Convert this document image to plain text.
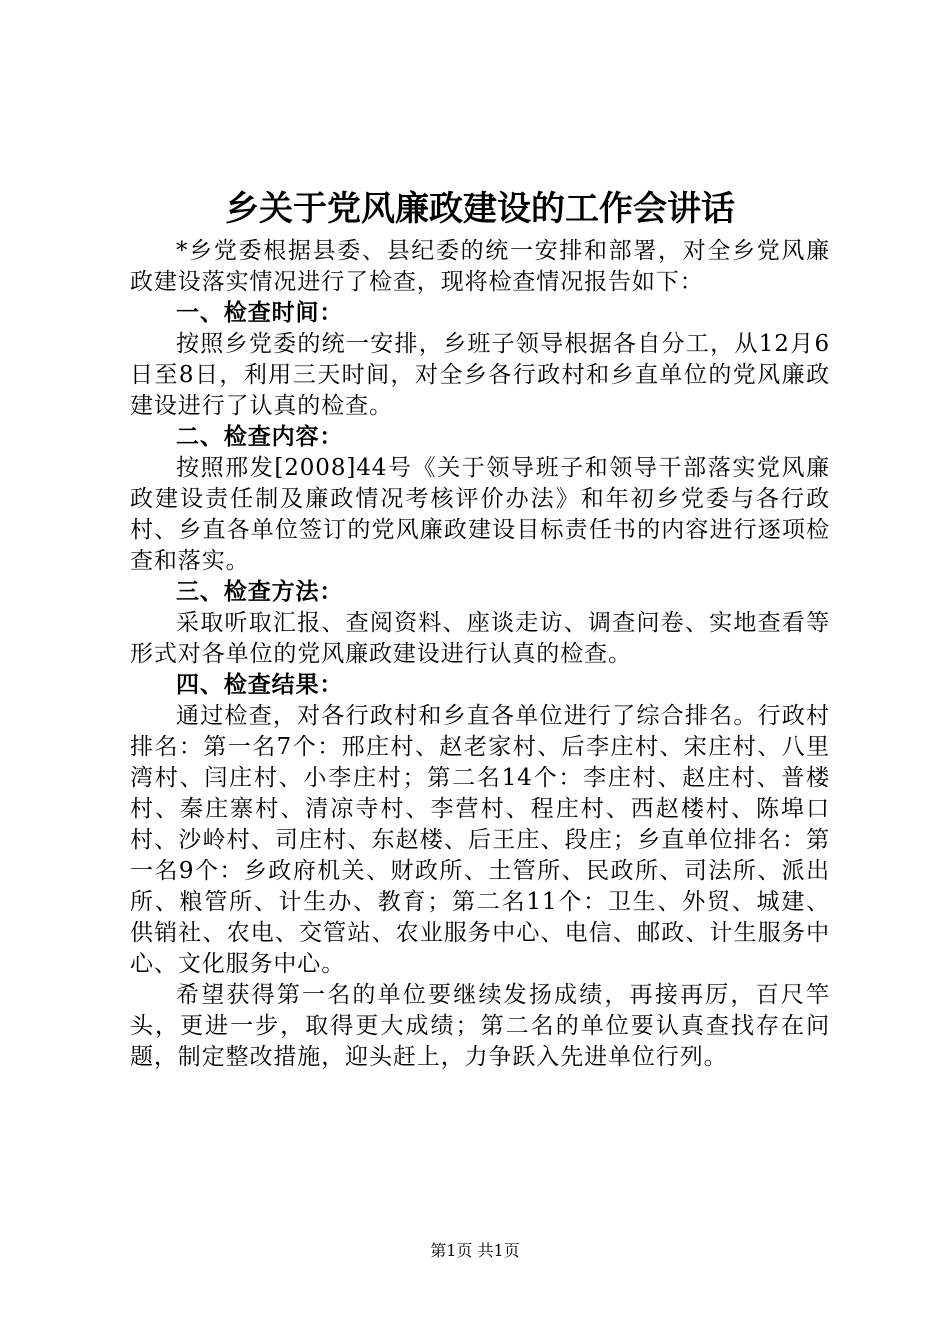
乡关于党风廉政建设的工作会讲话

*乡党委根据县委、县纪委的统一安排和部署，对全乡党风廉政建设落实情况进行了检查，现将检查情况报告如下：

一、检查时间：

按照乡党委的统一安排，乡班子领导根据各自分工，从12月6日至8日，利用三天时间，对全乡各行政村和乡直单位的党风廉政建设进行了认真的检查。

二、检查内容：

按照邢发[2008]44号《关于领导班子和领导干部落实党风廉政建设责任制及廉政情况考核评价办法》和年初乡党委与各行政村、乡直各单位签订的党风廉政建设目标责任书的内容进行逐项检查和落实。

三、检查方法：

采取听取汇报、查阅资料、座谈走访、调查问卷、实地查看等形式对各单位的党风廉政建设进行认真的检查。

四、检查结果：

通过检查，对各行政村和乡直各单位进行了综合排名。行政村排名：第一名7个：邢庄村、赵老家村、后李庄村、宋庄村、八里湾村、闫庄村、小李庄村；第二名14个：李庄村、赵庄村、普楼村、秦庄寨村、清凉寺村、李营村、程庄村、西赵楼村、陈埠口村、沙岭村、司庄村、东赵楼、后王庄、段庄；乡直单位排名：第一名9个：乡政府机关、财政所、土管所、民政所、司法所、派出所、粮管所、计生办、教育；第二名11个：卫生、外贸、城建、供销社、农电、交管站、农业服务中心、电信、邮政、计生服务中心、文化服务中心。

希望获得第一名的单位要继续发扬成绩，再接再厉，百尺竿头，更进一步，取得更大成绩；第二名的单位要认真查找存在问题，制定整改措施，迎头赶上，力争跃入先进单位行列。

第1页 共1页
